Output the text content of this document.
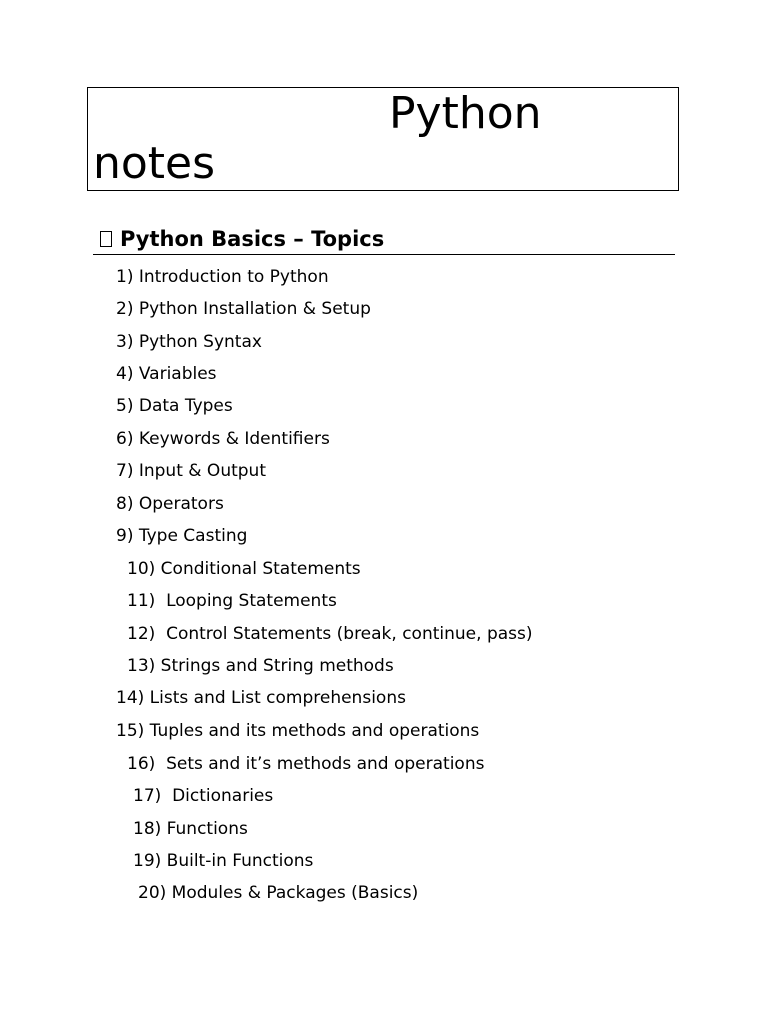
Python
notes
Python Basics – Topics
1) Introduction to Python
2) Python Installation & Setup
3) Python Syntax
4) Variables
5) Data Types
6) Keywords & Identifiers
7) Input & Output
8) Operators
9) Type Casting
10) Conditional Statements
11)  Looping Statements
12)  Control Statements (break, continue, pass)
13) Strings and String methods
14) Lists and List comprehensions
15) Tuples and its methods and operations
16)  Sets and it’s methods and operations
17)  Dictionaries
18) Functions
19) Built-in Functions
20) Modules & Packages (Basics)
